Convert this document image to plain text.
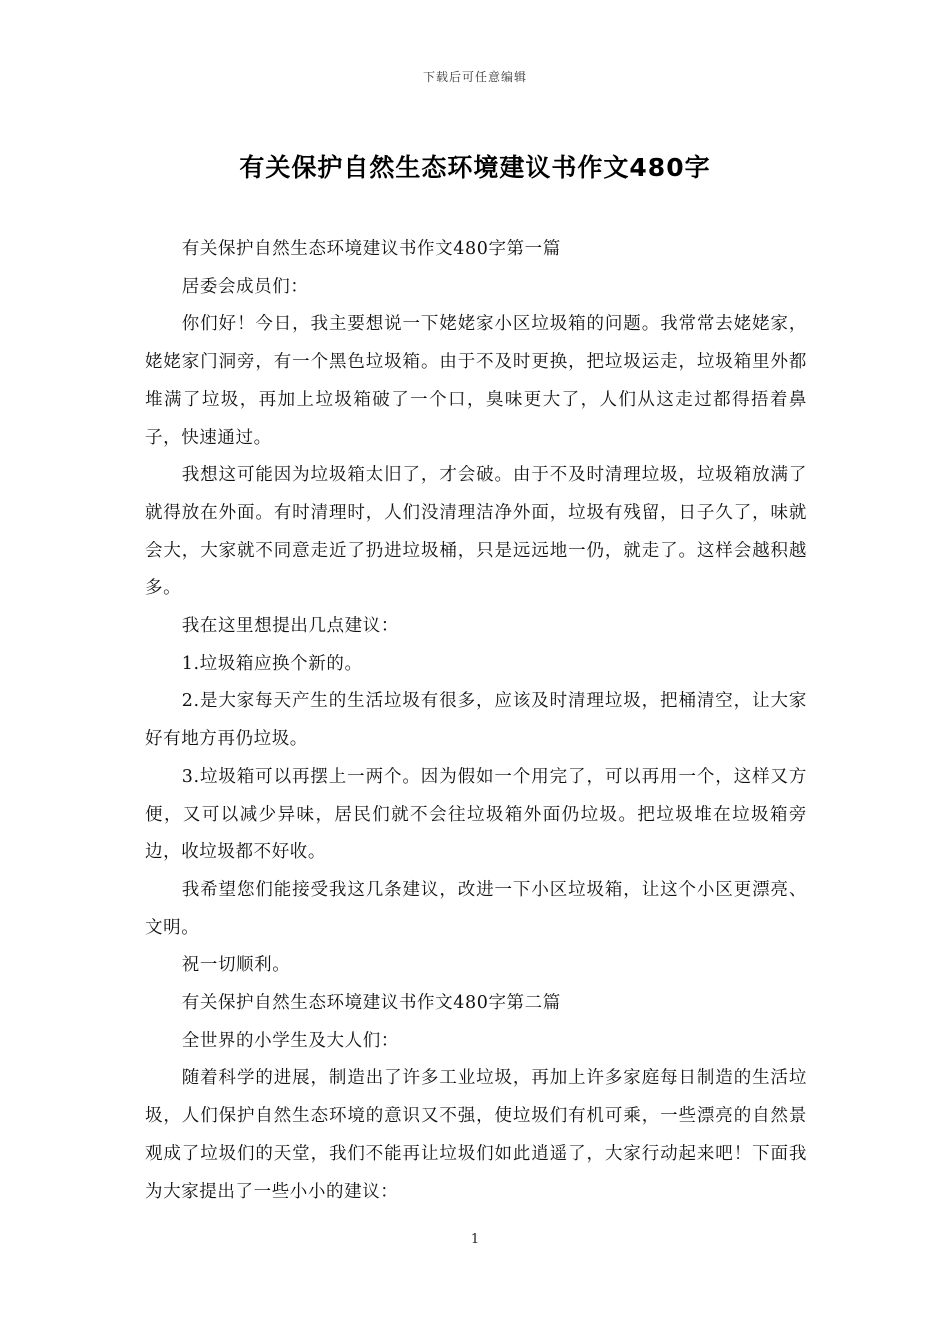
下载后可任意编辑
有关保护自然生态环境建议书作文480字

有关保护自然生态环境建议书作文480字第一篇

居委会成员们：

你们好！今日，我主要想说一下姥姥家小区垃圾箱的问题。我常常去姥姥家，姥姥家门洞旁，有一个黑色垃圾箱。由于不及时更换，把垃圾运走，垃圾箱里外都堆满了垃圾，再加上垃圾箱破了一个口，臭味更大了，人们从这走过都得捂着鼻子，快速通过。

我想这可能因为垃圾箱太旧了，才会破。由于不及时清理垃圾，垃圾箱放满了就得放在外面。有时清理时，人们没清理洁净外面，垃圾有残留，日子久了，味就会大，大家就不同意走近了扔进垃圾桶，只是远远地一仍，就走了。这样会越积越多。

我在这里想提出几点建议：

1.垃圾箱应换个新的。

2.是大家每天产生的生活垃圾有很多，应该及时清理垃圾，把桶清空，让大家好有地方再仍垃圾。

3.垃圾箱可以再摆上一两个。因为假如一个用完了，可以再用一个，这样又方便，又可以减少异味，居民们就不会往垃圾箱外面仍垃圾。把垃圾堆在垃圾箱旁边，收垃圾都不好收。

我希望您们能接受我这几条建议，改进一下小区垃圾箱，让这个小区更漂亮、文明。

祝一切顺利。

有关保护自然生态环境建议书作文480字第二篇

全世界的小学生及大人们：

随着科学的进展，制造出了许多工业垃圾，再加上许多家庭每日制造的生活垃圾，人们保护自然生态环境的意识又不强，使垃圾们有机可乘，一些漂亮的自然景观成了垃圾们的天堂，我们不能再让垃圾们如此逍遥了，大家行动起来吧！下面我为大家提出了一些小小的建议：

1
